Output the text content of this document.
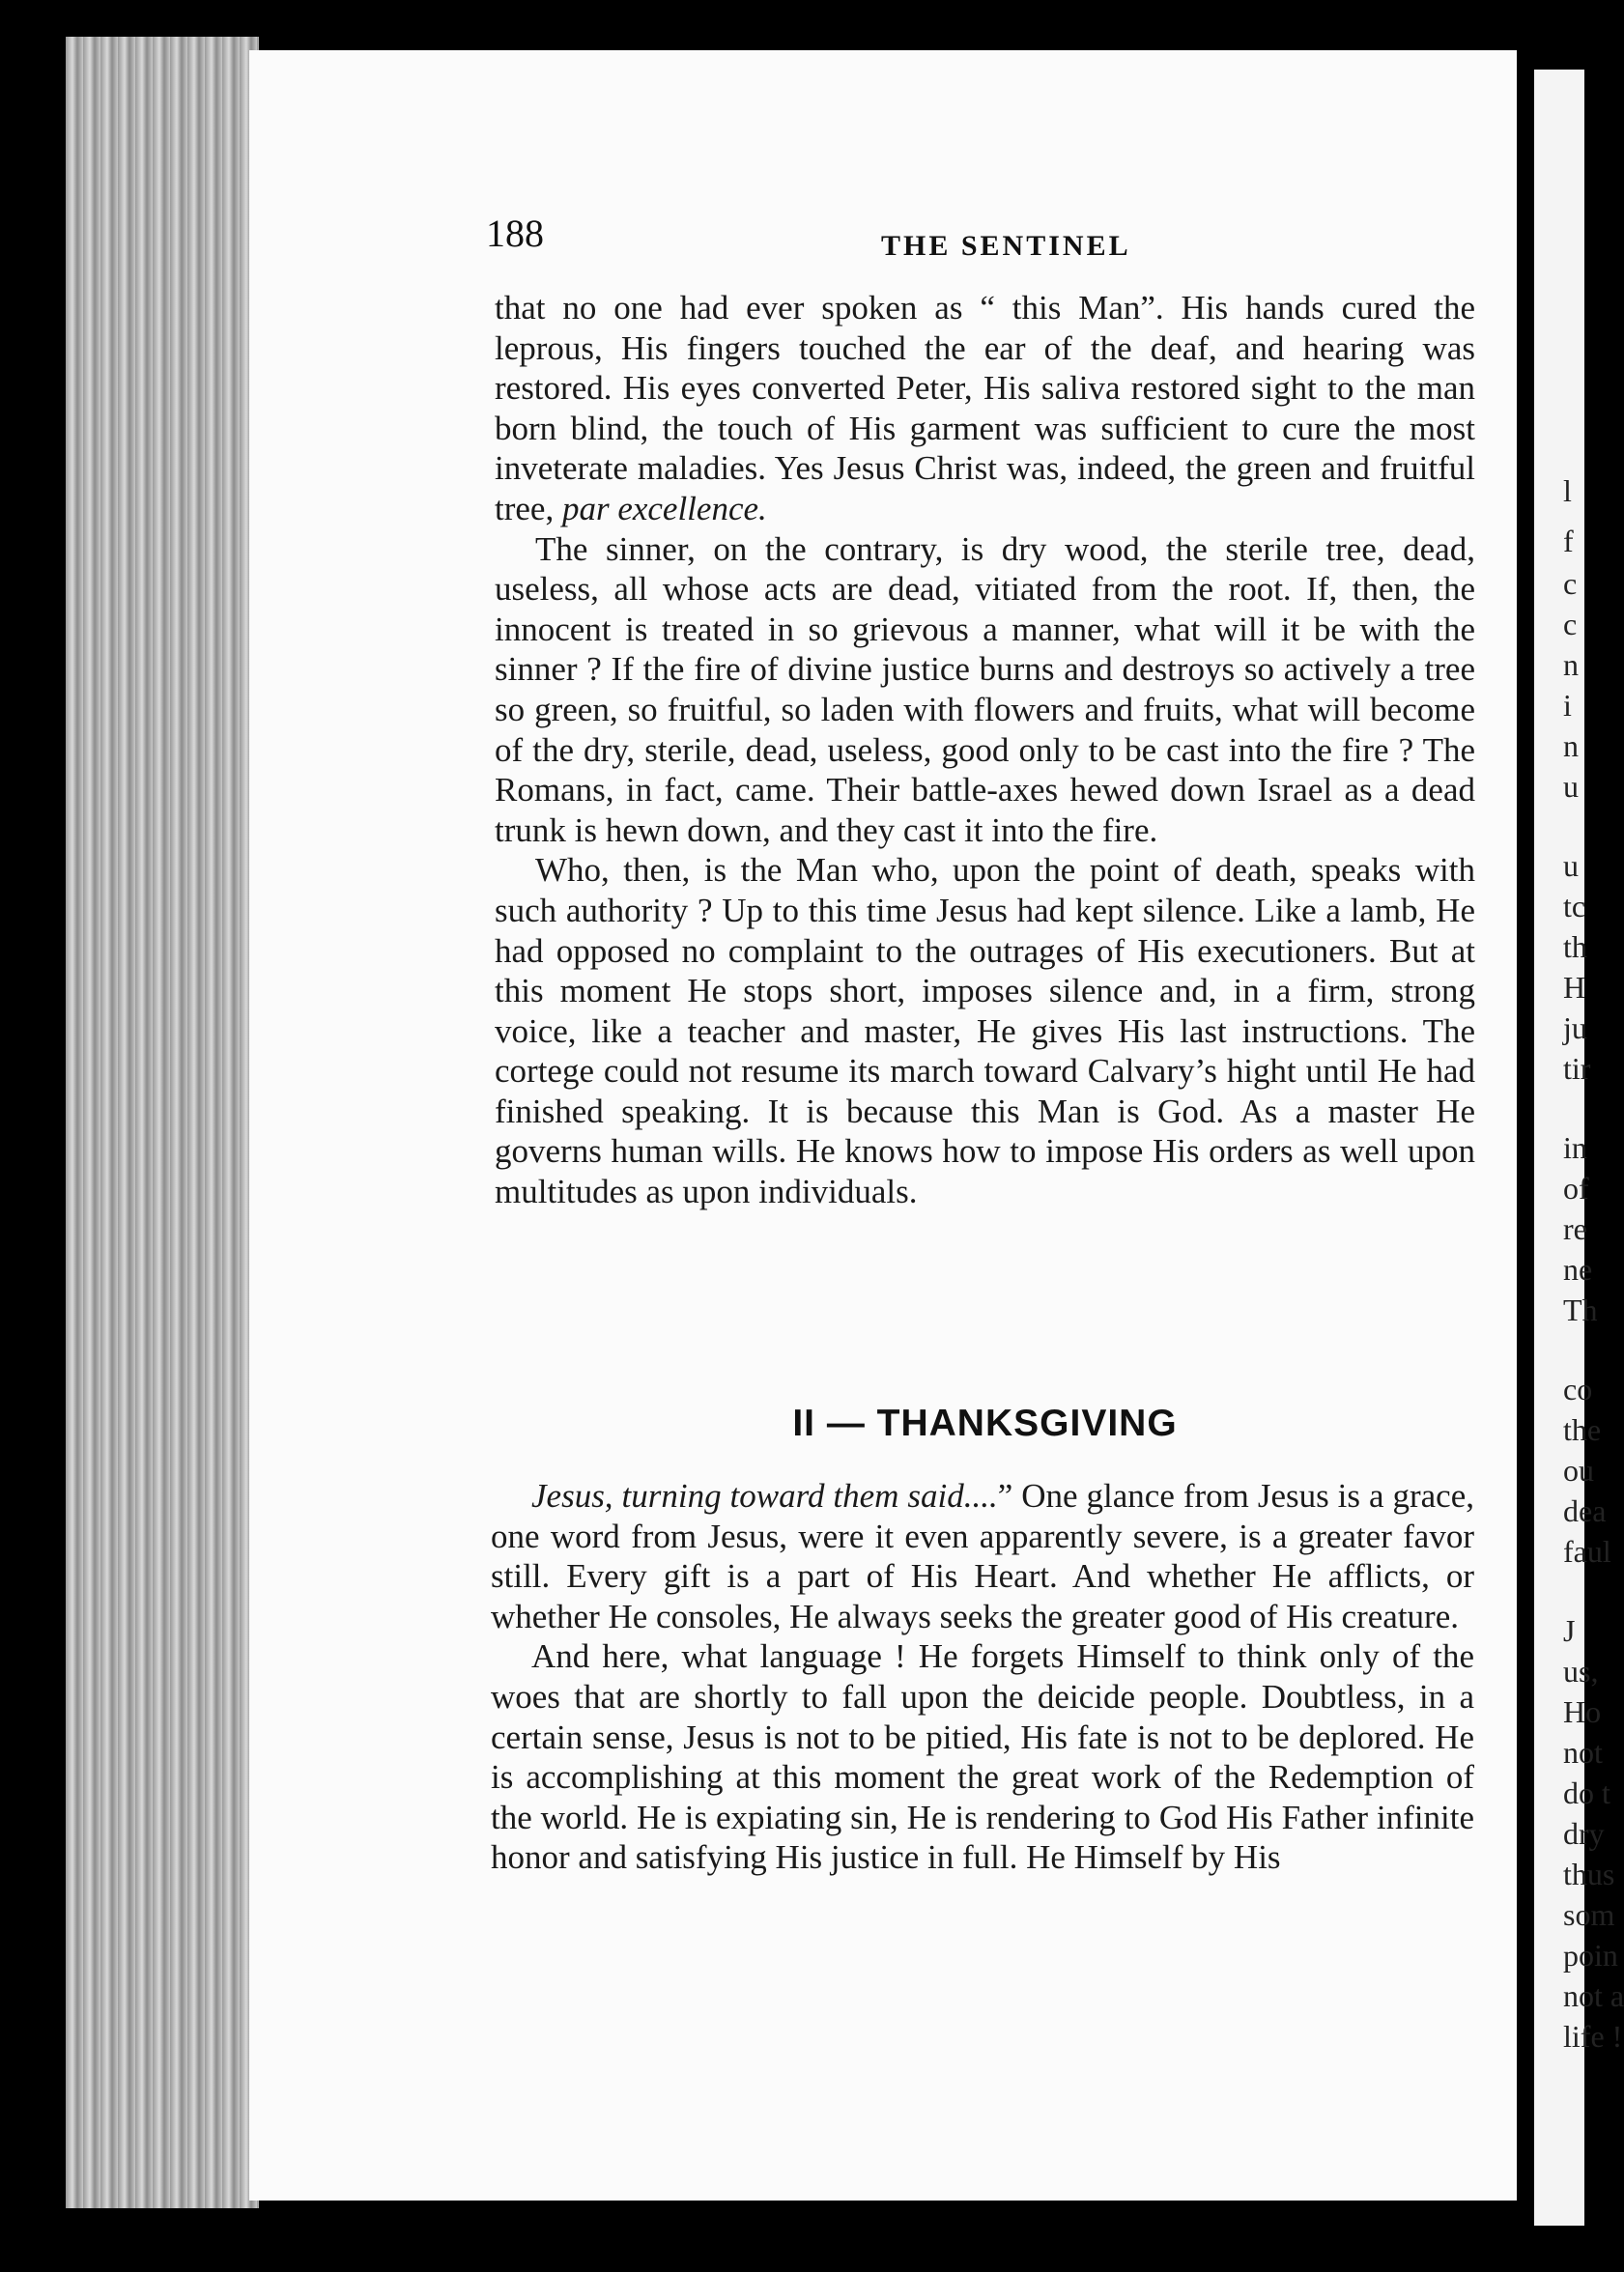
l
f
c
c
n
i
n
u
u
tc
th
H
ju
tir
in
of
re
ne
Th
co
the
ou
dea
faul
J
us,
Ho
not
do t
dry
thus
som
poin
not a
life !
188	THE SENTINEL

that no one had ever spoken as “ this Man”. His hands cured the leprous, His fingers touched the ear of the deaf, and hearing was restored. His eyes converted Peter, His saliva restored sight to the man born blind, the touch of His garment was sufficient to cure the most inveterate maladies. Yes Jesus Christ was, indeed, the green and fruitful tree, par excellence.

The sinner, on the contrary, is dry wood, the sterile tree, dead, useless, all whose acts are dead, vitiated from the root. If, then, the innocent is treated in so grievous a manner, what will it be with the sinner ? If the fire of divine justice burns and destroys so actively a tree so green, so fruitful, so laden with flowers and fruits, what will become of the dry, sterile, dead, useless, good only to be cast into the fire ? The Romans, in fact, came. Their battle-axes hewed down Israel as a dead trunk is hewn down, and they cast it into the fire.

Who, then, is the Man who, upon the point of death, speaks with such authority ? Up to this time Jesus had kept silence. Like a lamb, He had opposed no complaint to the outrages of His executioners. But at this moment He stops short, imposes silence and, in a firm, strong voice, like a teacher and master, He gives His last instructions. The cortege could not resume its march toward Calvary’s hight until He had finished speaking. It is because this Man is God. As a master He governs human wills. He knows how to impose His orders as well upon multitudes as upon individuals.

II — THANKSGIVING

Jesus, turning toward them said....” One glance from Jesus is a grace, one word from Jesus, were it even apparently severe, is a greater favor still. Every gift is a part of His Heart. And whether He afflicts, or whether He consoles, He always seeks the greater good of His creature.

And here, what language ! He forgets Himself to think only of the woes that are shortly to fall upon the deicide people. Doubtless, in a certain sense, Jesus is not to be pitied, His fate is not to be deplored. He is accomplishing at this moment the great work of the Redemption of the world. He is expiating sin, He is rendering to God His Father infinite honor and satisfying His justice in full. He Himself by His
